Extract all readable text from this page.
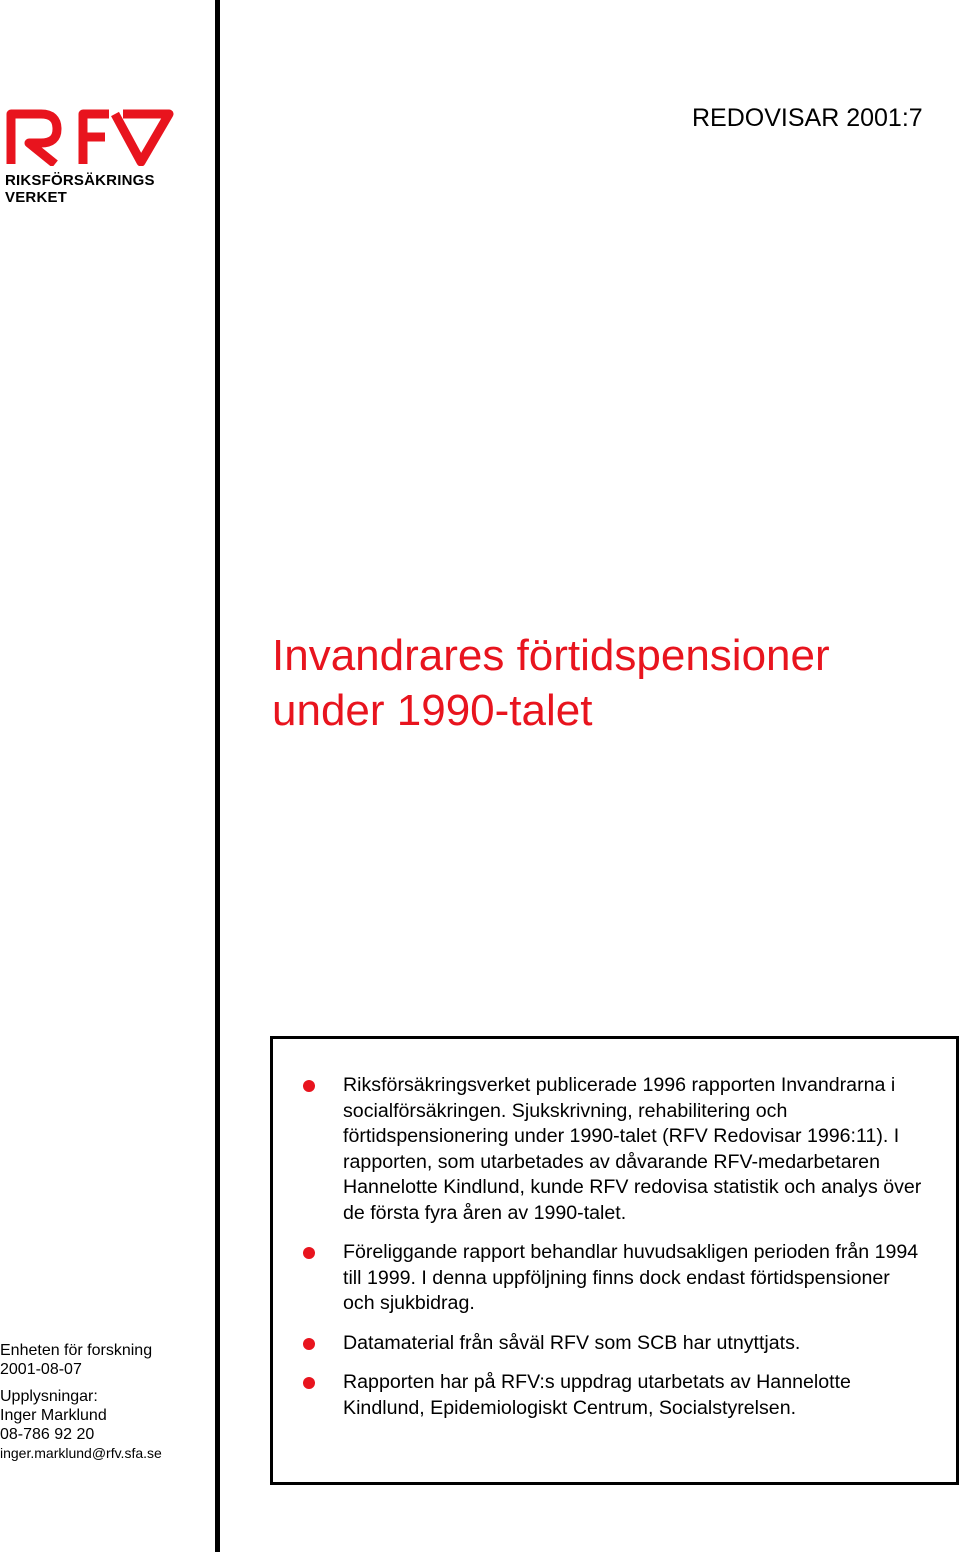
RIKSFÖRSÄKRINGS
VERKET
REDOVISAR 2001:7
Invandrares förtidspensioner
under 1990-talet
Riksförsäkringsverket publicerade 1996 rapporten Invandrarna i socialförsäkringen. Sjukskrivning, rehabilitering och förtidspensionering under 1990-talet (RFV Redovisar 1996:11). I rapporten, som utarbetades av dåvarande RFV-medarbetaren Hannelotte Kindlund, kunde RFV redovisa statistik och analys över de första fyra åren av 1990-talet.
Föreliggande rapport behandlar huvudsakligen perioden från 1994 till 1999. I denna uppföljning finns dock endast förtidspensioner och sjukbidrag.
Datamaterial från såväl RFV som SCB har utnyttjats.
Rapporten har på RFV:s uppdrag utarbetats av Hannelotte Kindlund, Epidemiologiskt Centrum, Socialstyrelsen.
Enheten för forskning
2001-08-07
Upplysningar:
Inger Marklund
08-786 92 20
inger.marklund@rfv.sfa.se
